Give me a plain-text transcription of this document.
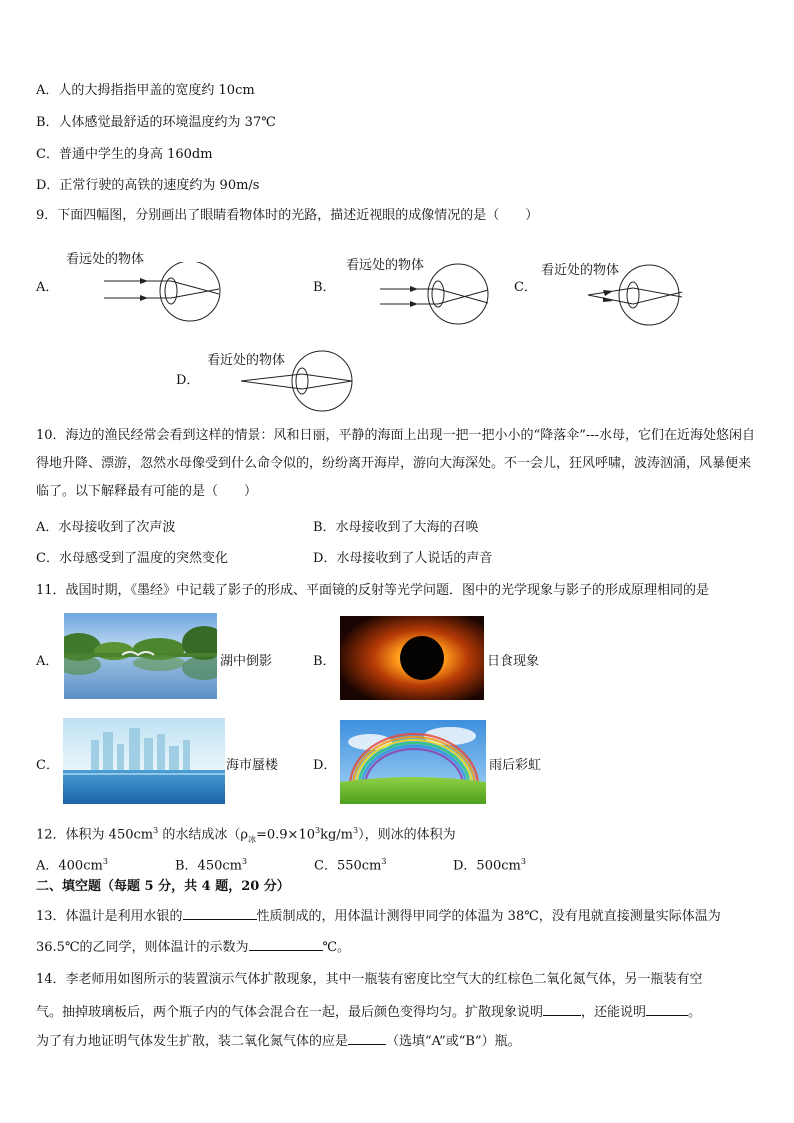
A．人的大拇指指甲盖的宽度约 10cm
B．人体感觉最舒适的环境温度约为 37℃
C．普通中学生的身高 160dm
D．正常行驶的高铁的速度约为 90m/s
9．下面四幅图，分别画出了眼睛看物体时的光路，描述近视眼的成像情况的是（　　）
A．
看远处的物体
B．
看远处的物体
C．
看近处的物体
D．
看近处的物体
10．海边的渔民经常会看到这样的情景：风和日丽，平静的海面上出现一把一把小小的“降落伞”---水母，它们在近海处悠闲自得地升降、漂游，忽然水母像受到什么命令似的，纷纷离开海岸，游向大海深处。不一会儿，狂风呼啸，波涛汹涌，风暴便来临了。以下解释最有可能的是（　　）
A．水母接收到了次声波	B．水母接收到了大海的召唤
C．水母感受到了温度的突然变化	D．水母接收到了人说话的声音
11．战国时期，《墨经》中记载了影子的形成、平面镜的反射等光学问题．图中的光学现象与影子的形成原理相同的是
A．	湖中倒影	B．	日食现象
C．	海市蜃楼	D．	雨后彩虹
12．体积为 $450cm^3$ 的水结成冰$(\rho_冰=0.9\times 10^3kg/m^3)$，则冰的体积为
A．$400cm^3$	B．$450cm^3$	C．$550cm^3$	D．$500cm^3$
二、填空题（每题 5 分，共 4 题，20 分）
13．体温计是利用水银的	性质制成的，用体温计测得甲同学的体温为 38℃，没有甩就直接测量实际体温为
36.5℃的乙同学，则体温计的示数为	℃。
14．李老师用如图所示的装置演示气体扩散现象，其中一瓶装有密度比空气大的红棕色二氧化氮气体，另一瓶装有空
气。抽掉玻璃板后，两个瓶子内的气体会混合在一起，最后颜色变得均匀。扩散现象说明	，还能说明	。
为了有力地证明气体发生扩散，装二氧化氮气体的应是	（选填“A”或“B”）瓶。
